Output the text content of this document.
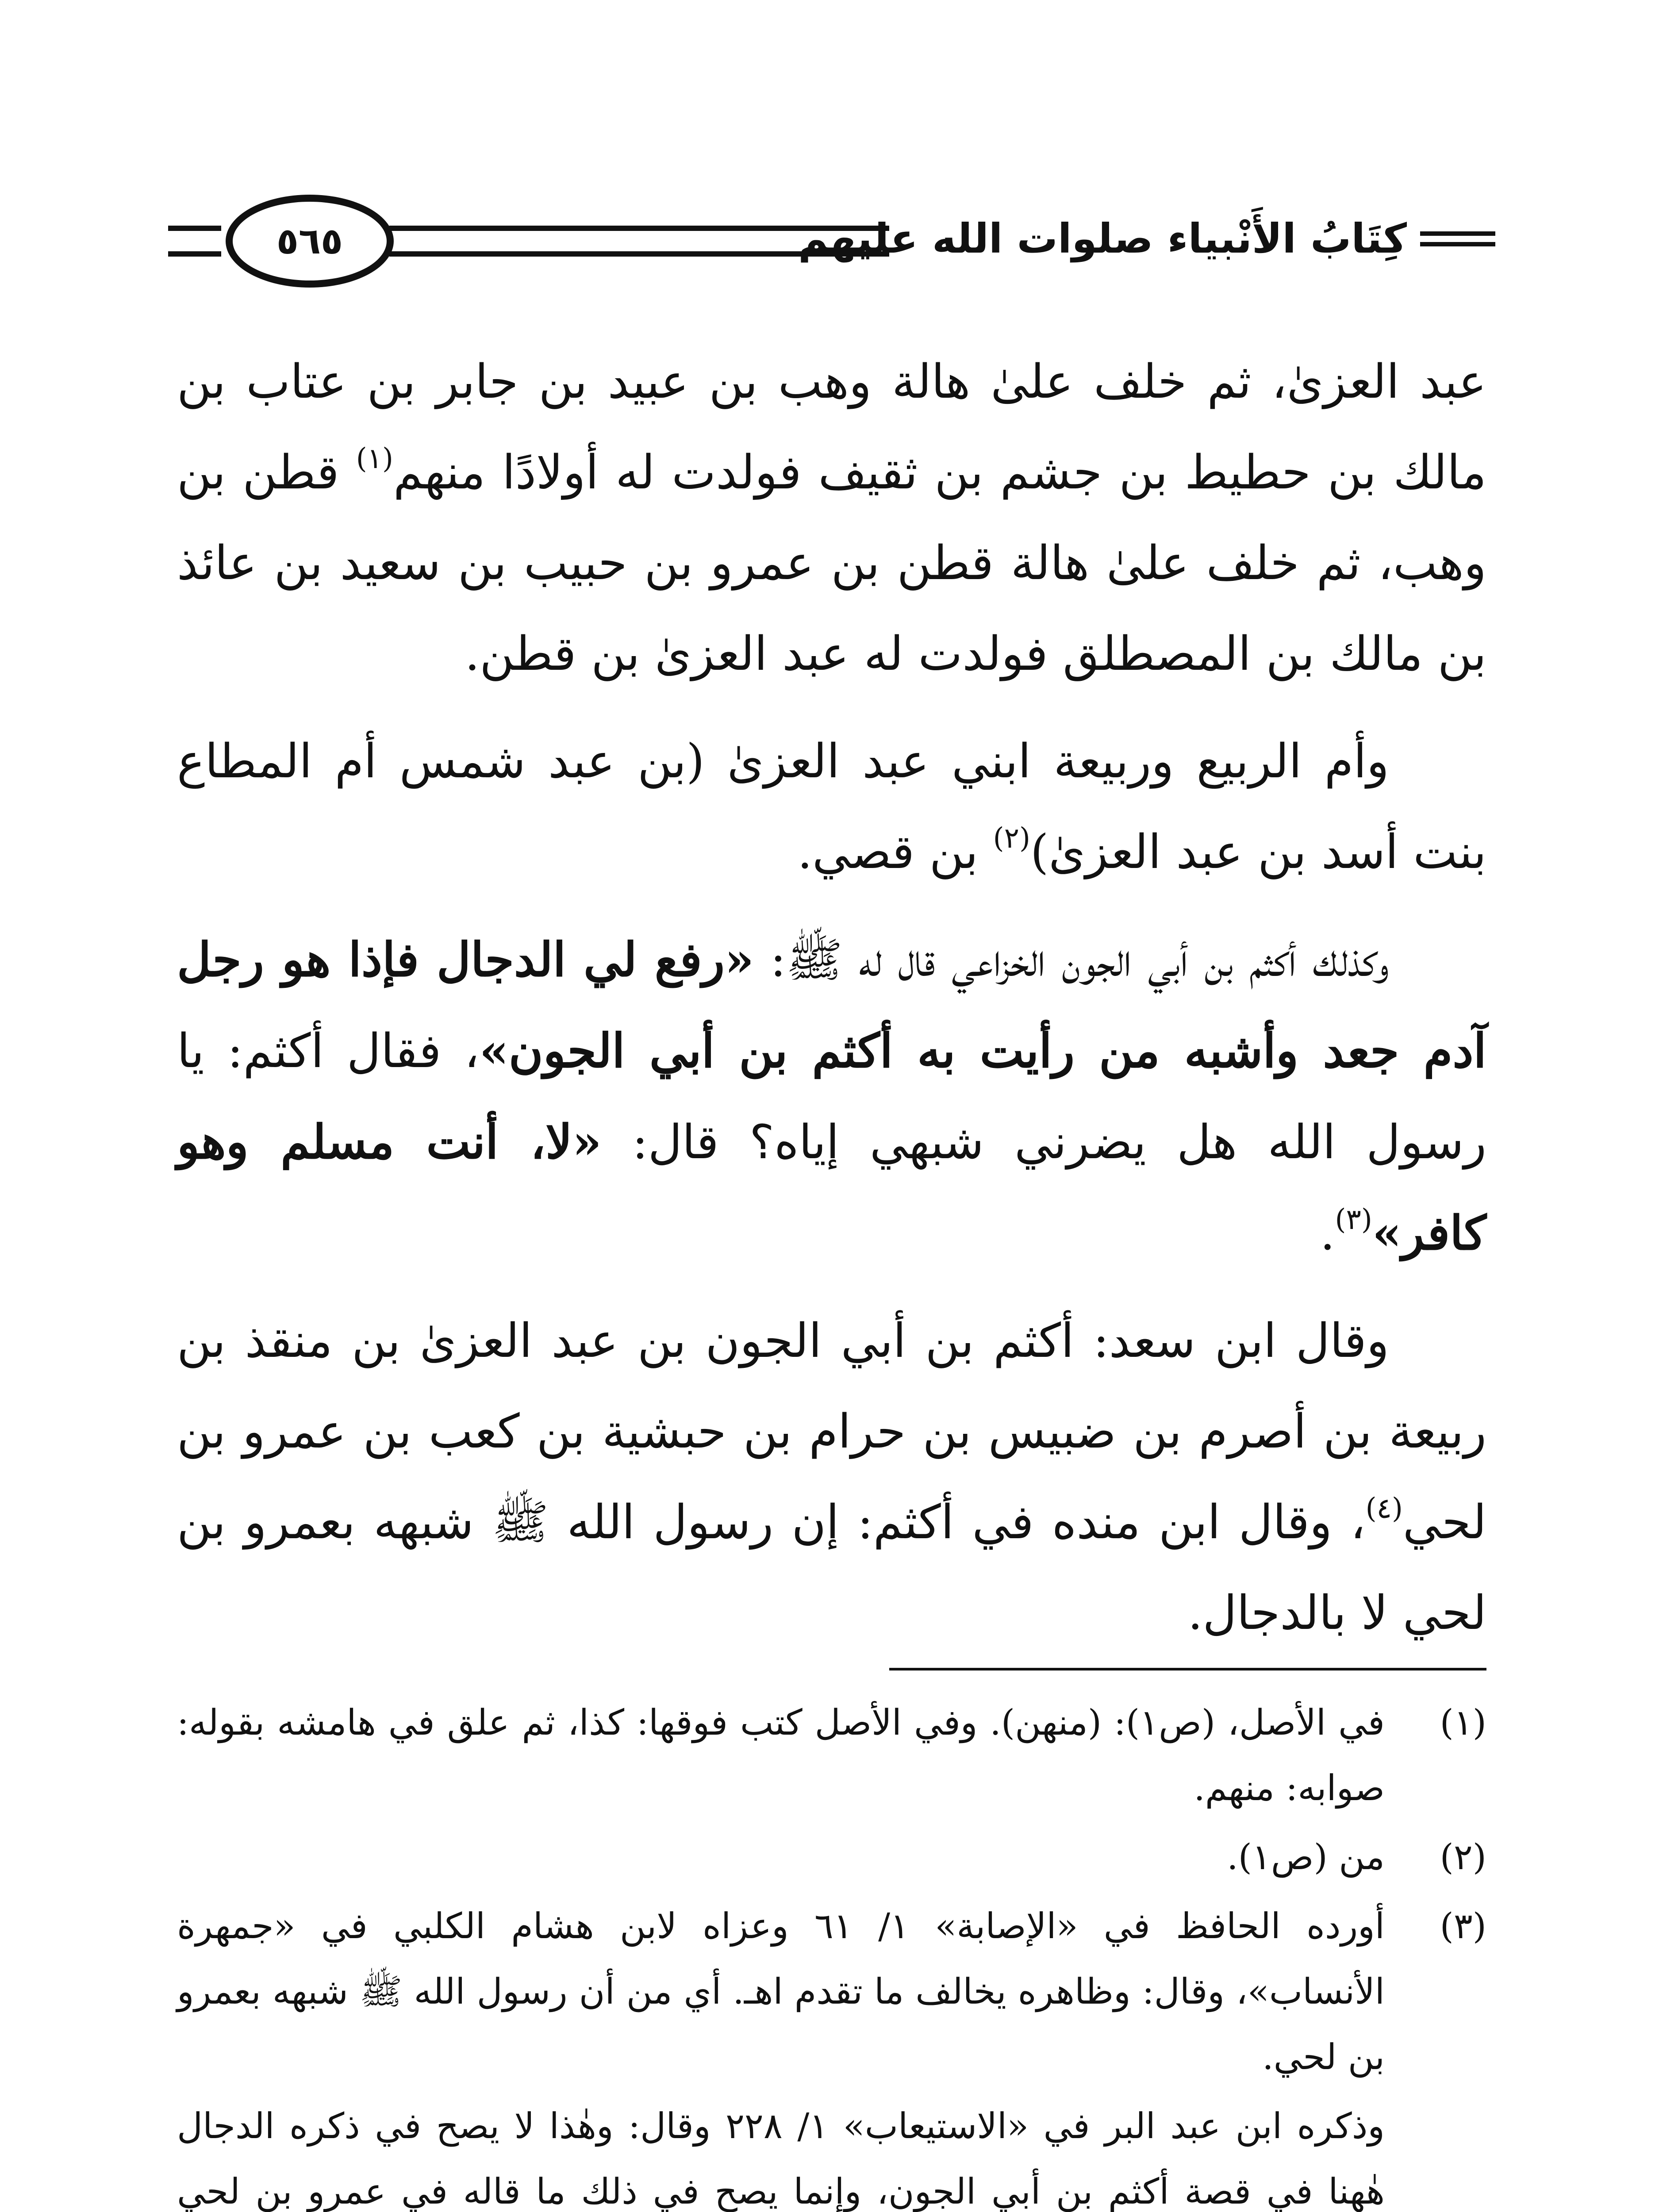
كِتَابُ الأَنْبياء صلوات الله عليهم
٥٦٥

عبد العزىٰ، ثم خلف علىٰ هالة وهب بن عبيد بن جابر بن عتاب بن مالك بن حطيط بن جشم بن ثقيف فولدت له أولادًا منهم$^{(١)}$ قطن بن وهب، ثم خلف علىٰ هالة قطن بن عمرو بن حبيب بن سعيد بن عائذ بن مالك بن المصطلق فولدت له عبد العزىٰ بن قطن.

وأم الربيع وربيعة ابني عبد العزىٰ (بن عبد شمس أم المطاع بنت أسد بن عبد العزىٰ)$^{(٢)}$ بن قصي.

وكذلك أكثم بن أبي الجون الخزاعي قال له ﷺ: «رفع لي الدجال فإذا هو رجل آدم جعد وأشبه من رأيت به أكثم بن أبي الجون»، فقال أكثم: يا رسول الله هل يضرني شبهي إياه؟ قال: «لا، أنت مسلم وهو كافر»$^{(٣)}$.

وقال ابن سعد: أكثم بن أبي الجون بن عبد العزىٰ بن منقذ بن ربيعة بن أصرم بن ضبيس بن حرام بن حبشية بن كعب بن عمرو بن لحي$^{(٤)}$، وقال ابن منده في أكثم: إن رسول الله ﷺ شبهه بعمرو بن لحي لا بالدجال.

(١)
في الأصل، (ص١): (منهن). وفي الأصل كتب فوقها: كذا، ثم علق في هامشه بقوله: صوابه: منهم.
(٢)
من (ص١).
(٣)
أورده الحافظ في «الإصابة» ١/ ٦١ وعزاه لابن هشام الكلبي في «جمهرة الأنساب»، وقال: وظاهره يخالف ما تقدم اهـ. أي من أن رسول الله ﷺ شبهه بعمرو بن لحي.
وذكره ابن عبد البر في «الاستيعاب» ١/ ٢٢٨ وقال: وهٰذا لا يصح في ذكره الدجال هٰهنا في قصة أكثم بن أبي الجون، وإنما يصح في ذلك ما قاله في عمرو بن لحي
